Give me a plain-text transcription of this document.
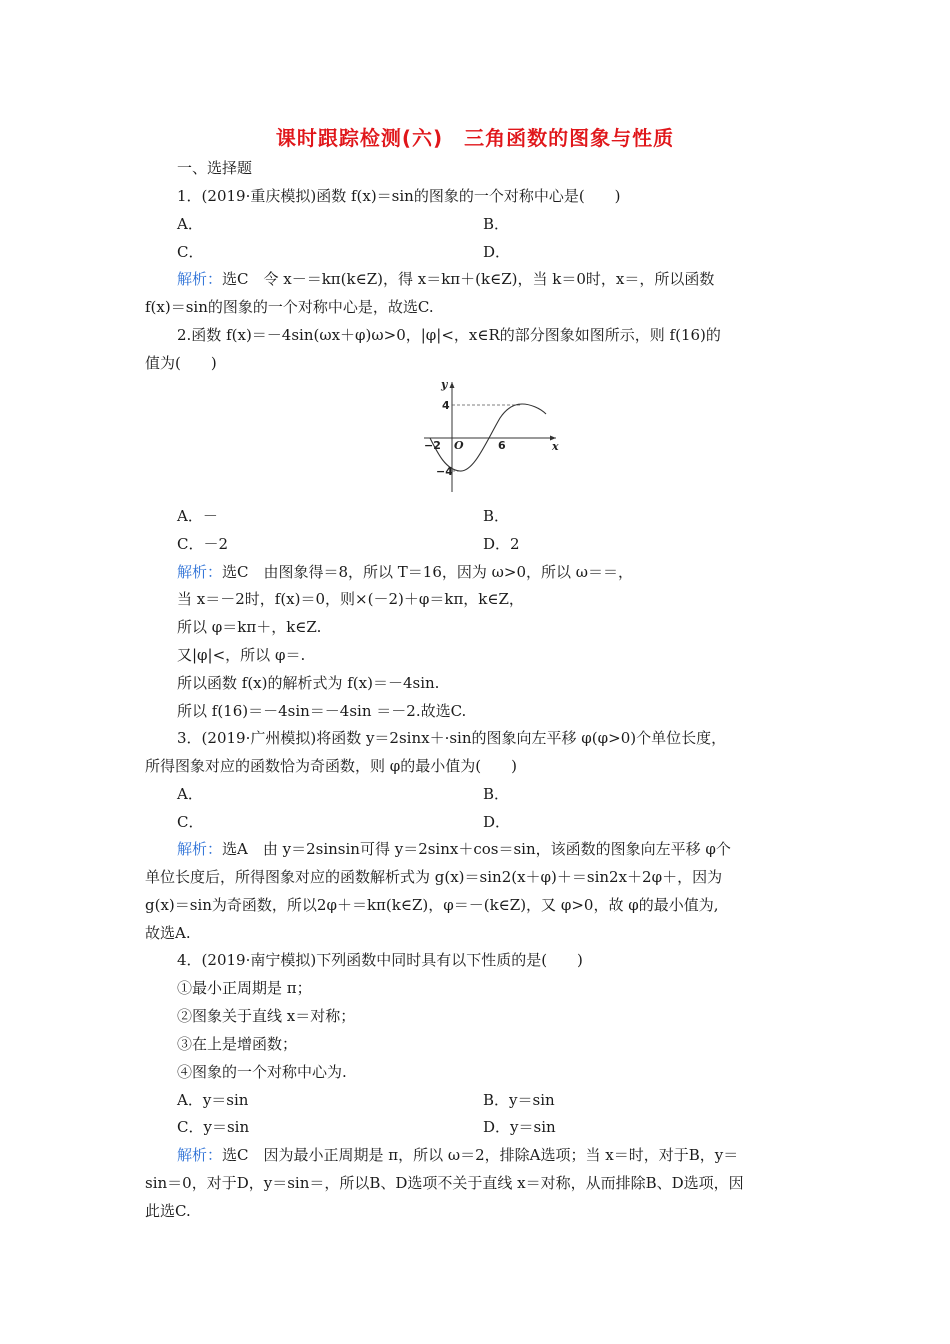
课时跟踪检测(六)　三角函数的图象与性质
一、选择题
1．(2019·重庆模拟)函数 f(x)＝sin的图象的一个对称中心是(　　)
A．	B．
C．	D．
解析：选C　令 x－＝kπ(k∈Z)，得 x＝kπ＋(k∈Z)，当 k＝0时，x＝，所以函数
f(x)＝sin的图象的一个对称中心是，故选C.
2.函数 f(x)＝－4sin(ωx＋φ)ω>0，|φ|<，x∈R的部分图象如图所示，则 f(16)的
值为(　　)
y
x
4
−4
−2 O	6
A．－	B．
C．－2	D．2
解析：选C　由图象得＝8，所以 T＝16，因为 ω>0，所以 ω＝＝，
当 x＝－2时，f(x)＝0，则×(－2)＋φ＝kπ，k∈Z，
所以 φ＝kπ＋，k∈Z.
又|φ|<，所以 φ＝.
所以函数 f(x)的解析式为 f(x)＝－4sin.
所以 f(16)＝－4sin＝－4sin ＝－2.故选C.
3．(2019·广州模拟)将函数 y＝2sinx＋·sin的图象向左平移 φ(φ>0)个单位长度，
所得图象对应的函数恰为奇函数，则 φ的最小值为(　　)
A．	B．
C．	D．
解析：选A　由 y＝2sinsin可得 y＝2sinx＋cos＝sin，该函数的图象向左平移 φ个
单位长度后，所得图象对应的函数解析式为 g(x)＝sin2(x＋φ)＋＝sin2x＋2φ＋，因为
g(x)＝sin为奇函数，所以2φ＋＝kπ(k∈Z)，φ＝－(k∈Z)，又 φ>0，故 φ的最小值为,
故选A.
4．(2019·南宁模拟)下列函数中同时具有以下性质的是(　　)
①最小正周期是 π；
②图象关于直线 x＝对称；
③在上是增函数；
④图象的一个对称中心为.
A．y＝sin	B．y＝sin
C．y＝sin	D．y＝sin
解析：选C　因为最小正周期是 π，所以 ω＝2，排除A选项；当 x＝时，对于B，y＝
sin＝0，对于D，y＝sin＝，所以B、D选项不关于直线 x＝对称，从而排除B、D选项，因
此选C.
